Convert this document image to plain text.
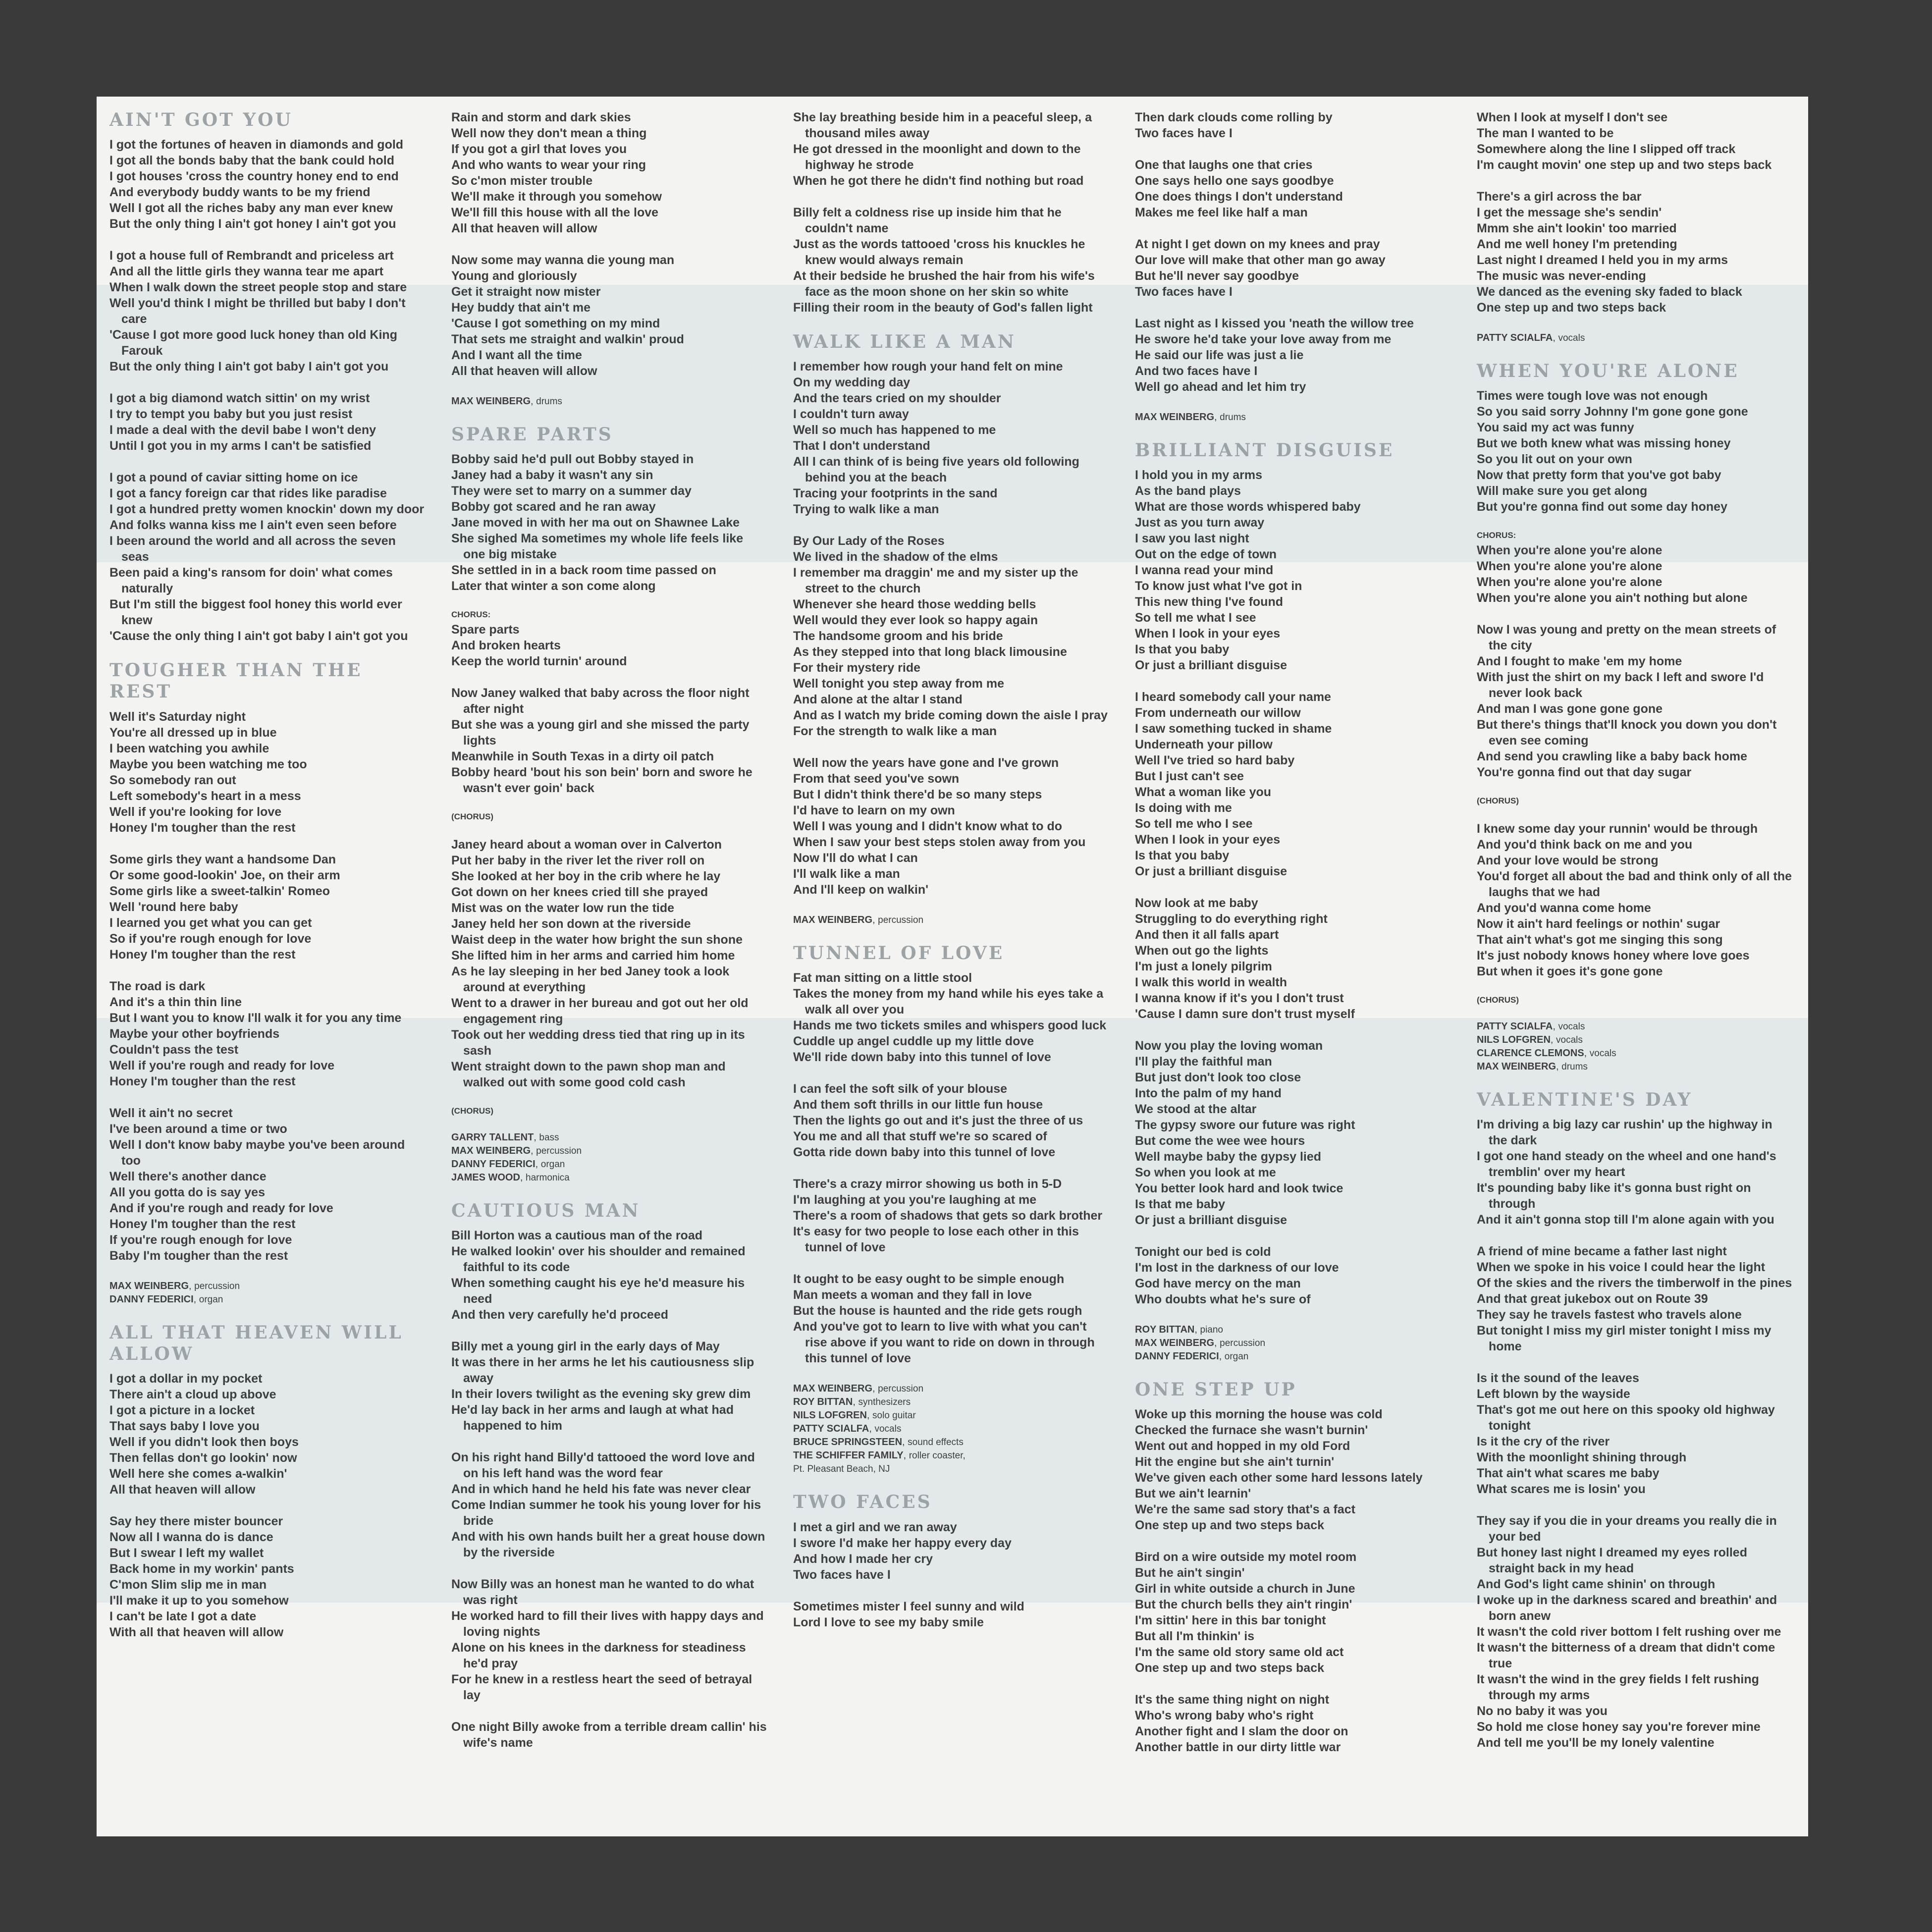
AIN'T GOT YOU
I got the fortunes of heaven in diamonds and gold
I got all the bonds baby that the bank could hold
I got houses 'cross the country honey end to end
And everybody buddy wants to be my friend
Well I got all the riches baby any man ever knew
But the only thing I ain't got honey I ain't got you
I got a house full of Rembrandt and priceless art
And all the little girls they wanna tear me apart
When I walk down the street people stop and stare
Well you'd think I might be thrilled but baby I don't care
'Cause I got more good luck honey than old King Farouk
But the only thing I ain't got baby I ain't got you
I got a big diamond watch sittin' on my wrist
I try to tempt you baby but you just resist
I made a deal with the devil babe I won't deny
Until I got you in my arms I can't be satisfied
I got a pound of caviar sitting home on ice
I got a fancy foreign car that rides like paradise
I got a hundred pretty women knockin' down my door
And folks wanna kiss me I ain't even seen before
I been around the world and all across the seven seas
Been paid a king's ransom for doin' what comes naturally
But I'm still the biggest fool honey this world ever knew
'Cause the only thing I ain't got baby I ain't got you
TOUGHER THAN THE REST
Well it's Saturday night
You're all dressed up in blue
I been watching you awhile
Maybe you been watching me too
So somebody ran out
Left somebody's heart in a mess
Well if you're looking for love
Honey I'm tougher than the rest
Some girls they want a handsome Dan
Or some good-lookin' Joe, on their arm
Some girls like a sweet-talkin' Romeo
Well 'round here baby
I learned you get what you can get
So if you're rough enough for love
Honey I'm tougher than the rest
The road is dark
And it's a thin thin line
But I want you to know I'll walk it for you any time
Maybe your other boyfriends
Couldn't pass the test
Well if you're rough and ready for love
Honey I'm tougher than the rest
Well it ain't no secret
I've been around a time or two
Well I don't know baby maybe you've been around too
Well there's another dance
All you gotta do is say yes
And if you're rough and ready for love
Honey I'm tougher than the rest
If you're rough enough for love
Baby I'm tougher than the rest
MAX WEINBERG, percussion
DANNY FEDERICI, organ
ALL THAT HEAVEN WILL ALLOW
I got a dollar in my pocket
There ain't a cloud up above
I got a picture in a locket
That says baby I love you
Well if you didn't look then boys
Then fellas don't go lookin' now
Well here she comes a-walkin'
All that heaven will allow
Say hey there mister bouncer
Now all I wanna do is dance
But I swear I left my wallet
Back home in my workin' pants
C'mon Slim slip me in man
I'll make it up to you somehow
I can't be late I got a date
With all that heaven will allow
Rain and storm and dark skies
Well now they don't mean a thing
If you got a girl that loves you
And who wants to wear your ring
So c'mon mister trouble
We'll make it through you somehow
We'll fill this house with all the love
All that heaven will allow
Now some may wanna die young man
Young and gloriously
Get it straight now mister
Hey buddy that ain't me
'Cause I got something on my mind
That sets me straight and walkin' proud
And I want all the time
All that heaven will allow
MAX WEINBERG, drums
SPARE PARTS
Bobby said he'd pull out Bobby stayed in
Janey had a baby it wasn't any sin
They were set to marry on a summer day
Bobby got scared and he ran away
Jane moved in with her ma out on Shawnee Lake
She sighed Ma sometimes my whole life feels like one big mistake
She settled in in a back room time passed on
Later that winter a son come along
CHORUS:
Spare parts
And broken hearts
Keep the world turnin' around
Now Janey walked that baby across the floor night after night
But she was a young girl and she missed the party lights
Meanwhile in South Texas in a dirty oil patch
Bobby heard 'bout his son bein' born and swore he wasn't ever goin' back
(CHORUS)
Janey heard about a woman over in Calverton
Put her baby in the river let the river roll on
She looked at her boy in the crib where he lay
Got down on her knees cried till she prayed
Mist was on the water low run the tide
Janey held her son down at the riverside
Waist deep in the water how bright the sun shone
She lifted him in her arms and carried him home
As he lay sleeping in her bed Janey took a look around at everything
Went to a drawer in her bureau and got out her old engagement ring
Took out her wedding dress tied that ring up in its sash
Went straight down to the pawn shop man and walked out with some good cold cash
(CHORUS)
GARRY TALLENT, bass
MAX WEINBERG, percussion
DANNY FEDERICI, organ
JAMES WOOD, harmonica
CAUTIOUS MAN
Bill Horton was a cautious man of the road
He walked lookin' over his shoulder and remained faithful to its code
When something caught his eye he'd measure his need
And then very carefully he'd proceed
Billy met a young girl in the early days of May
It was there in her arms he let his cautiousness slip away
In their lovers twilight as the evening sky grew dim
He'd lay back in her arms and laugh at what had happened to him
On his right hand Billy'd tattooed the word love and on his left hand was the word fear
And in which hand he held his fate was never clear
Come Indian summer he took his young lover for his bride
And with his own hands built her a great house down by the riverside
Now Billy was an honest man he wanted to do what was right
He worked hard to fill their lives with happy days and loving nights
Alone on his knees in the darkness for steadiness he'd pray
For he knew in a restless heart the seed of betrayal lay
One night Billy awoke from a terrible dream callin' his wife's name
She lay breathing beside him in a peaceful sleep, a thousand miles away
He got dressed in the moonlight and down to the highway he strode
When he got there he didn't find nothing but road
Billy felt a coldness rise up inside him that he couldn't name
Just as the words tattooed 'cross his knuckles he knew would always remain
At their bedside he brushed the hair from his wife's face as the moon shone on her skin so white
Filling their room in the beauty of God's fallen light
WALK LIKE A MAN
I remember how rough your hand felt on mine
On my wedding day
And the tears cried on my shoulder
I couldn't turn away
Well so much has happened to me
That I don't understand
All I can think of is being five years old following behind you at the beach
Tracing your footprints in the sand
Trying to walk like a man
By Our Lady of the Roses
We lived in the shadow of the elms
I remember ma draggin' me and my sister up the street to the church
Whenever she heard those wedding bells
Well would they ever look so happy again
The handsome groom and his bride
As they stepped into that long black limousine
For their mystery ride
Well tonight you step away from me
And alone at the altar I stand
And as I watch my bride coming down the aisle I pray
For the strength to walk like a man
Well now the years have gone and I've grown
From that seed you've sown
But I didn't think there'd be so many steps
I'd have to learn on my own
Well I was young and I didn't know what to do
When I saw your best steps stolen away from you
Now I'll do what I can
I'll walk like a man
And I'll keep on walkin'
MAX WEINBERG, percussion
TUNNEL OF LOVE
Fat man sitting on a little stool
Takes the money from my hand while his eyes take a walk all over you
Hands me two tickets smiles and whispers good luck
Cuddle up angel cuddle up my little dove
We'll ride down baby into this tunnel of love
I can feel the soft silk of your blouse
And them soft thrills in our little fun house
Then the lights go out and it's just the three of us
You me and all that stuff we're so scared of
Gotta ride down baby into this tunnel of love
There's a crazy mirror showing us both in 5-D
I'm laughing at you you're laughing at me
There's a room of shadows that gets so dark brother
It's easy for two people to lose each other in this tunnel of love
It ought to be easy ought to be simple enough
Man meets a woman and they fall in love
But the house is haunted and the ride gets rough
And you've got to learn to live with what you can't rise above if you want to ride on down in through this tunnel of love
MAX WEINBERG, percussion
ROY BITTAN, synthesizers
NILS LOFGREN, solo guitar
PATTY SCIALFA, vocals
BRUCE SPRINGSTEEN, sound effects
THE SCHIFFER FAMILY, roller coaster,
Pt. Pleasant Beach, NJ
TWO FACES
I met a girl and we ran away
I swore I'd make her happy every day
And how I made her cry
Two faces have I
Sometimes mister I feel sunny and wild
Lord I love to see my baby smile
Then dark clouds come rolling by
Two faces have I
One that laughs one that cries
One says hello one says goodbye
One does things I don't understand
Makes me feel like half a man
At night I get down on my knees and pray
Our love will make that other man go away
But he'll never say goodbye
Two faces have I
Last night as I kissed you 'neath the willow tree
He swore he'd take your love away from me
He said our life was just a lie
And two faces have I
Well go ahead and let him try
MAX WEINBERG, drums
BRILLIANT DISGUISE
I hold you in my arms
As the band plays
What are those words whispered baby
Just as you turn away
I saw you last night
Out on the edge of town
I wanna read your mind
To know just what I've got in
This new thing I've found
So tell me what I see
When I look in your eyes
Is that you baby
Or just a brilliant disguise
I heard somebody call your name
From underneath our willow
I saw something tucked in shame
Underneath your pillow
Well I've tried so hard baby
But I just can't see
What a woman like you
Is doing with me
So tell me who I see
When I look in your eyes
Is that you baby
Or just a brilliant disguise
Now look at me baby
Struggling to do everything right
And then it all falls apart
When out go the lights
I'm just a lonely pilgrim
I walk this world in wealth
I wanna know if it's you I don't trust
'Cause I damn sure don't trust myself
Now you play the loving woman
I'll play the faithful man
But just don't look too close
Into the palm of my hand
We stood at the altar
The gypsy swore our future was right
But come the wee wee hours
Well maybe baby the gypsy lied
So when you look at me
You better look hard and look twice
Is that me baby
Or just a brilliant disguise
Tonight our bed is cold
I'm lost in the darkness of our love
God have mercy on the man
Who doubts what he's sure of
ROY BITTAN, piano
MAX WEINBERG, percussion
DANNY FEDERICI, organ
ONE STEP UP
Woke up this morning the house was cold
Checked the furnace she wasn't burnin'
Went out and hopped in my old Ford
Hit the engine but she ain't turnin'
We've given each other some hard lessons lately
But we ain't learnin'
We're the same sad story that's a fact
One step up and two steps back
Bird on a wire outside my motel room
But he ain't singin'
Girl in white outside a church in June
But the church bells they ain't ringin'
I'm sittin' here in this bar tonight
But all I'm thinkin' is
I'm the same old story same old act
One step up and two steps back
It's the same thing night on night
Who's wrong baby who's right
Another fight and I slam the door on
Another battle in our dirty little war
When I look at myself I don't see
The man I wanted to be
Somewhere along the line I slipped off track
I'm caught movin' one step up and two steps back
There's a girl across the bar
I get the message she's sendin'
Mmm she ain't lookin' too married
And me well honey I'm pretending
Last night I dreamed I held you in my arms
The music was never-ending
We danced as the evening sky faded to black
One step up and two steps back
PATTY SCIALFA, vocals
WHEN YOU'RE ALONE
Times were tough love was not enough
So you said sorry Johnny I'm gone gone gone
You said my act was funny
But we both knew what was missing honey
So you lit out on your own
Now that pretty form that you've got baby
Will make sure you get along
But you're gonna find out some day honey
CHORUS:
When you're alone you're alone
When you're alone you're alone
When you're alone you're alone
When you're alone you ain't nothing but alone
Now I was young and pretty on the mean streets of the city
And I fought to make 'em my home
With just the shirt on my back I left and swore I'd never look back
And man I was gone gone gone
But there's things that'll knock you down you don't even see coming
And send you crawling like a baby back home
You're gonna find out that day sugar
(CHORUS)
I knew some day your runnin' would be through
And you'd think back on me and you
And your love would be strong
You'd forget all about the bad and think only of all the laughs that we had
And you'd wanna come home
Now it ain't hard feelings or nothin' sugar
That ain't what's got me singing this song
It's just nobody knows honey where love goes
But when it goes it's gone gone
(CHORUS)
PATTY SCIALFA, vocals
NILS LOFGREN, vocals
CLARENCE CLEMONS, vocals
MAX WEINBERG, drums
VALENTINE'S DAY
I'm driving a big lazy car rushin' up the highway in the dark
I got one hand steady on the wheel and one hand's tremblin' over my heart
It's pounding baby like it's gonna bust right on through
And it ain't gonna stop till I'm alone again with you
A friend of mine became a father last night
When we spoke in his voice I could hear the light
Of the skies and the rivers the timberwolf in the pines
And that great jukebox out on Route 39
They say he travels fastest who travels alone
But tonight I miss my girl mister tonight I miss my home
Is it the sound of the leaves
Left blown by the wayside
That's got me out here on this spooky old highway tonight
Is it the cry of the river
With the moonlight shining through
That ain't what scares me baby
What scares me is losin' you
They say if you die in your dreams you really die in your bed
But honey last night I dreamed my eyes rolled straight back in my head
And God's light came shinin' on through
I woke up in the darkness scared and breathin' and born anew
It wasn't the cold river bottom I felt rushing over me
It wasn't the bitterness of a dream that didn't come true
It wasn't the wind in the grey fields I felt rushing through my arms
No no baby it was you
So hold me close honey say you're forever mine
And tell me you'll be my lonely valentine
